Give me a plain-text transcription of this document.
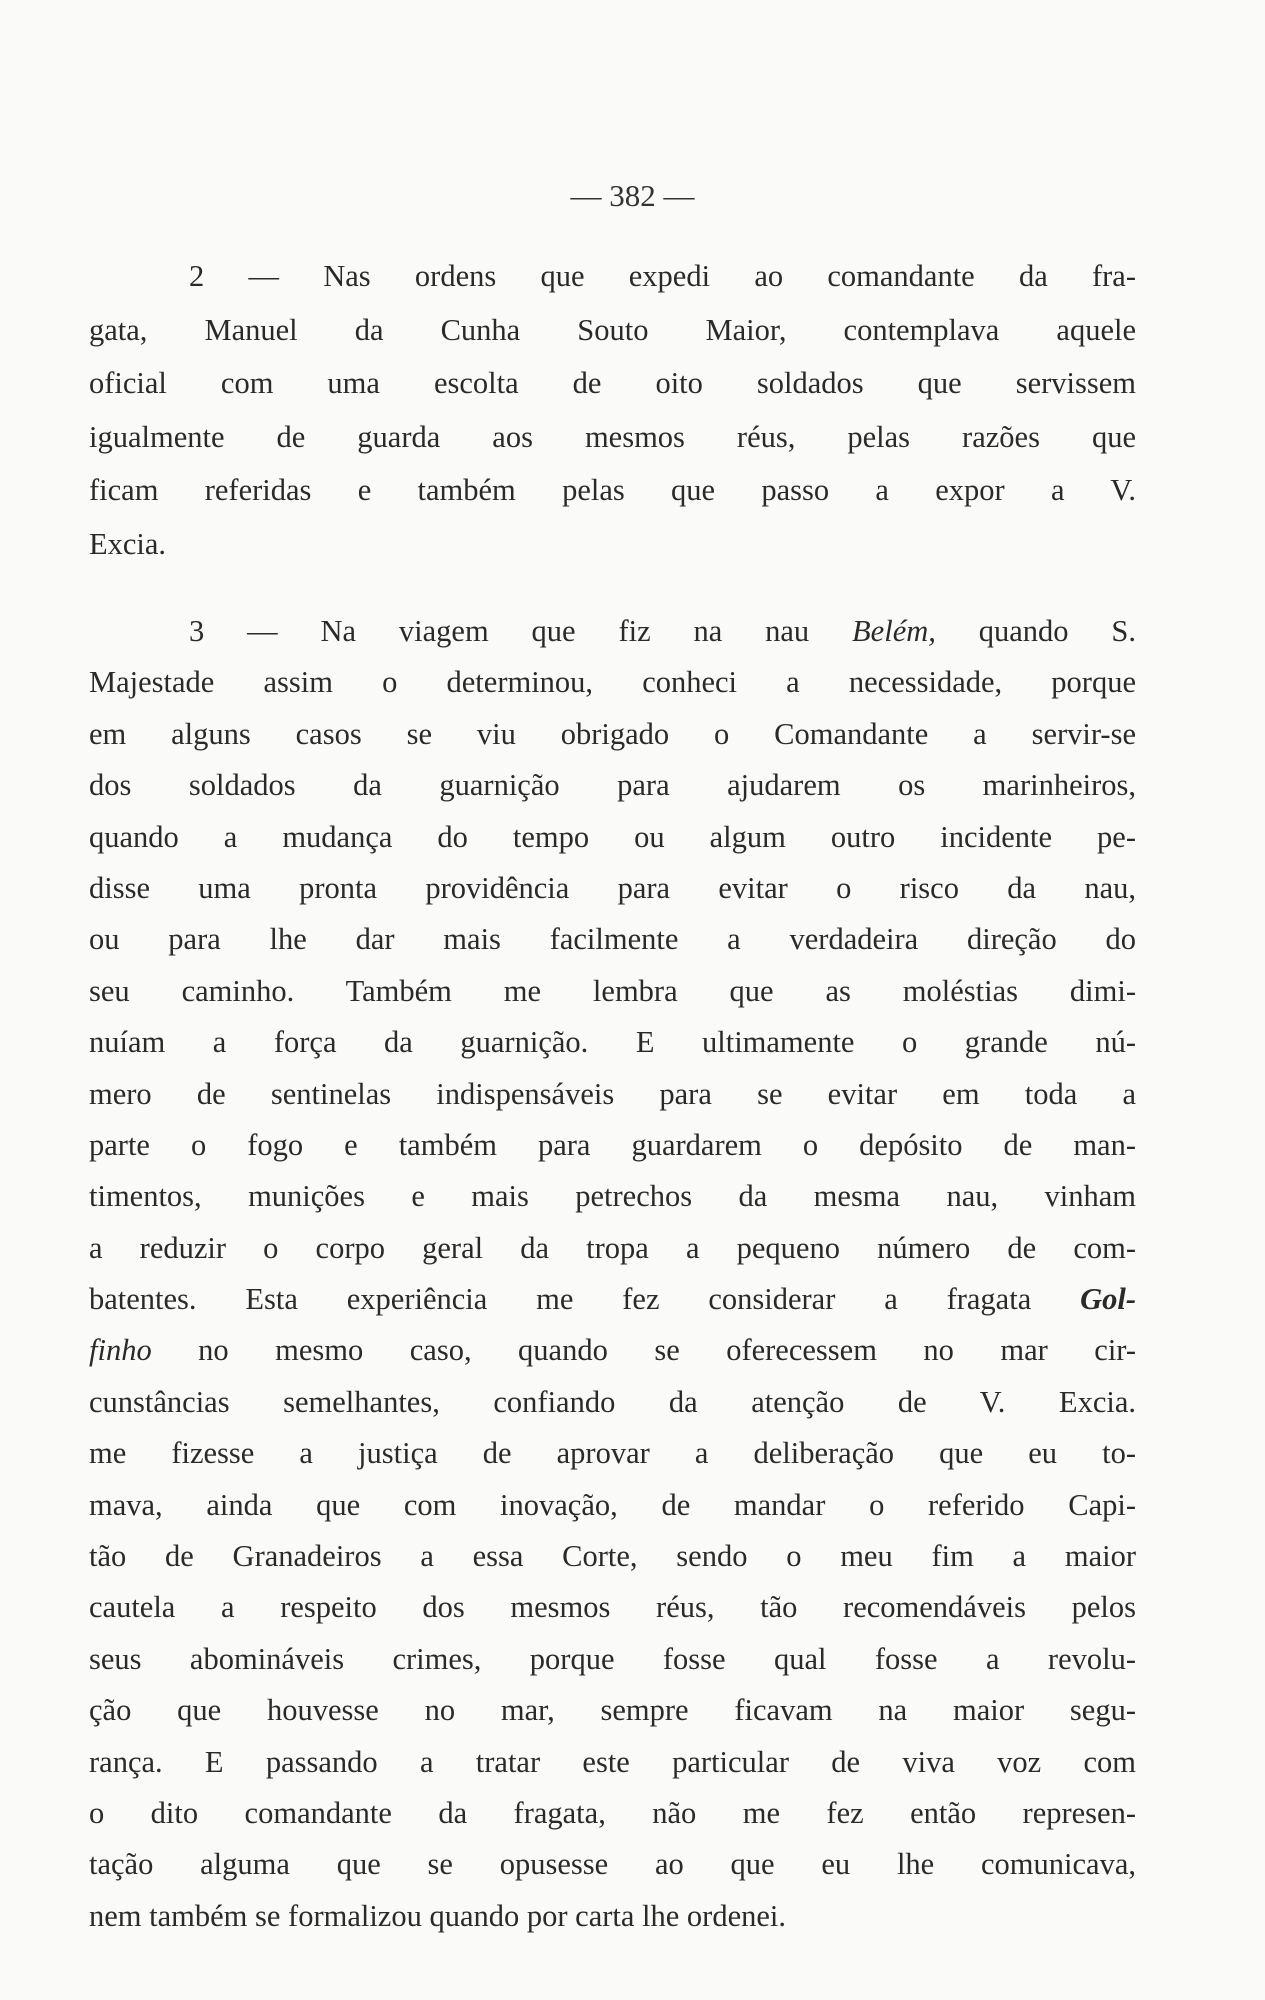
— 382 —
2 — Nas ordens que expedi ao comandante da fra-
gata, Manuel da Cunha Souto Maior, contemplava aquele
oficial com uma escolta de oito soldados que servissem
igualmente de guarda aos mesmos réus, pelas razões que
ficam referidas e também pelas que passo a expor a V.
Excia.
3 — Na viagem que fiz na nau Belém, quando S.
Majestade assim o determinou, conheci a necessidade, porque
em alguns casos se viu obrigado o Comandante a servir-se
dos soldados da guarnição para ajudarem os marinheiros,
quando a mudança do tempo ou algum outro incidente pe-
disse uma pronta providência para evitar o risco da nau,
ou para lhe dar mais facilmente a verdadeira direção do
seu caminho. Também me lembra que as moléstias dimi-
nuíam a força da guarnição. E ultimamente o grande nú-
mero de sentinelas indispensáveis para se evitar em toda a
parte o fogo e também para guardarem o depósito de man-
timentos, munições e mais petrechos da mesma nau, vinham
a reduzir o corpo geral da tropa a pequeno número de com-
batentes. Esta experiência me fez considerar a fragata Gol-
finho no mesmo caso, quando se oferecessem no mar cir-
cunstâncias semelhantes, confiando da atenção de V. Excia.
me fizesse a justiça de aprovar a deliberação que eu to-
mava, ainda que com inovação, de mandar o referido Capi-
tão de Granadeiros a essa Corte, sendo o meu fim a maior
cautela a respeito dos mesmos réus, tão recomendáveis pelos
seus abomináveis crimes, porque fosse qual fosse a revolu-
ção que houvesse no mar, sempre ficavam na maior segu-
rança. E passando a tratar este particular de viva voz com
o dito comandante da fragata, não me fez então represen-
tação alguma que se opusesse ao que eu lhe comunicava,
nem também se formalizou quando por carta lhe ordenei.
